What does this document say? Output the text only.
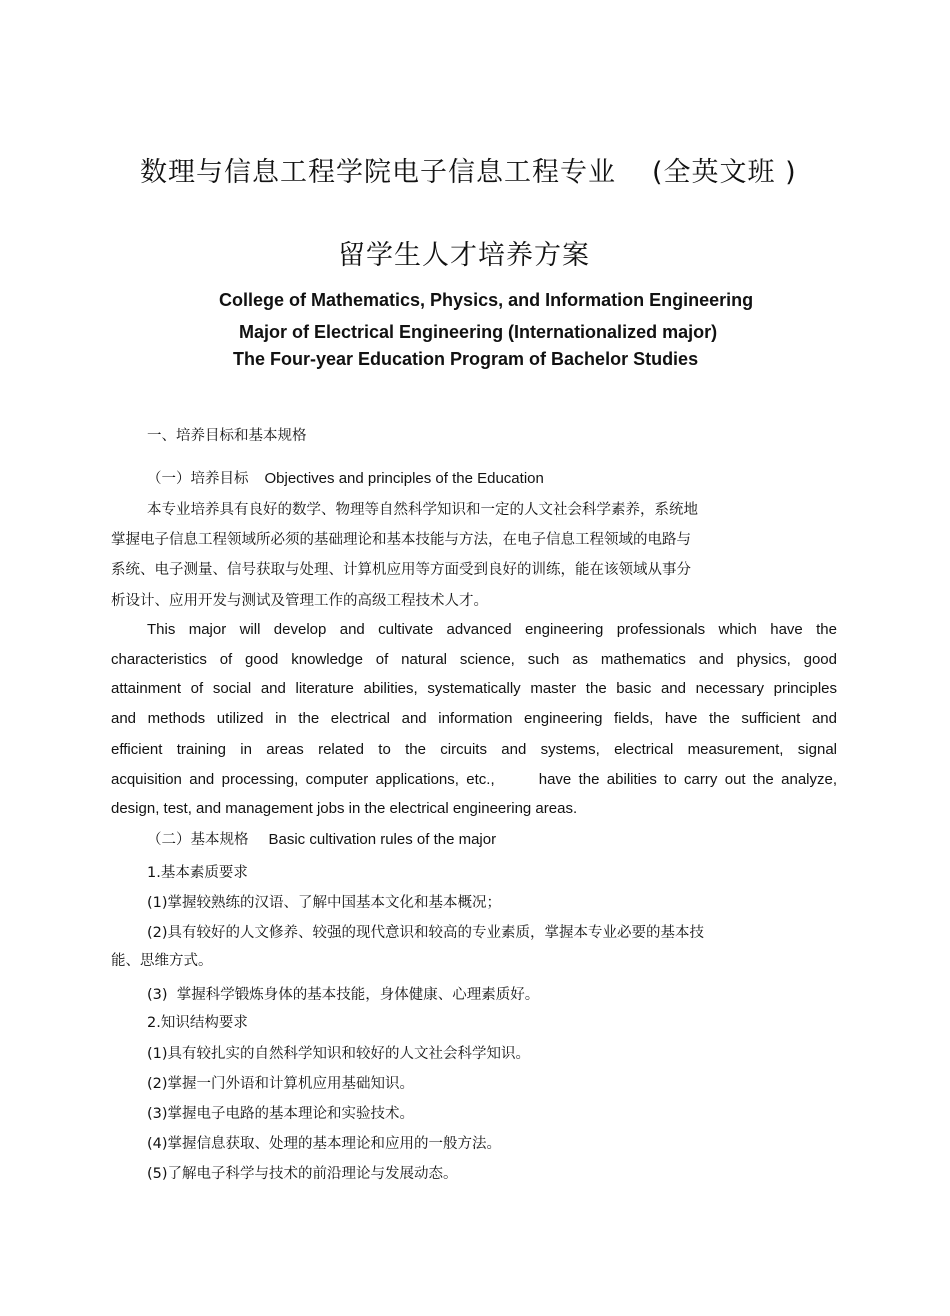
数理与信息工程学院电子信息工程专业 (全英文班 )
留学生人才培养方案
College of Mathematics, Physics, and Information Engineering
Major of Electrical Engineering (Internationalized major)
The Four-year Education Program of Bachelor Studies
一、培养目标和基本规格
（一）培养目标 Objectives and principles of the Education
本专业培养具有良好的数学、物理等自然科学知识和一定的人文社会科学素养，系统地
掌握电子信息工程领域所必须的基础理论和基本技能与方法，在电子信息工程领域的电路与
系统、电子测量、信号获取与处理、计算机应用等方面受到良好的训练，能在该领域从事分
析设计、应用开发与测试及管理工作的高级工程技术人才。
This major will develop and cultivate advanced engineering professionals which have the
characteristics of good knowledge of natural science, such as mathematics and physics, good
attainment of social and literature abilities, systematically master the basic and necessary principles
and methods utilized in the electrical and information engineering fields, have the sufficient and
efficient training in areas related to the circuits and systems, electrical measurement, signal
acquisition and processing, computer applications, etc.,      have the abilities to carry out the analyze,
design, test, and management jobs in the electrical engineering areas.
（二）基本规格 Basic cultivation rules of the major
1.基本素质要求
(1)掌握较熟练的汉语、了解中国基本文化和基本概况；
(2)具有较好的人文修养、较强的现代意识和较高的专业素质，掌握本专业必要的基本技
能、思维方式。
(3)  掌握科学锻炼身体的基本技能，身体健康、心理素质好。
2.知识结构要求
(1)具有较扎实的自然科学知识和较好的人文社会科学知识。
(2)掌握一门外语和计算机应用基础知识。
(3)掌握电子电路的基本理论和实验技术。
(4)掌握信息获取、处理的基本理论和应用的一般方法。
(5)了解电子科学与技术的前沿理论与发展动态。
